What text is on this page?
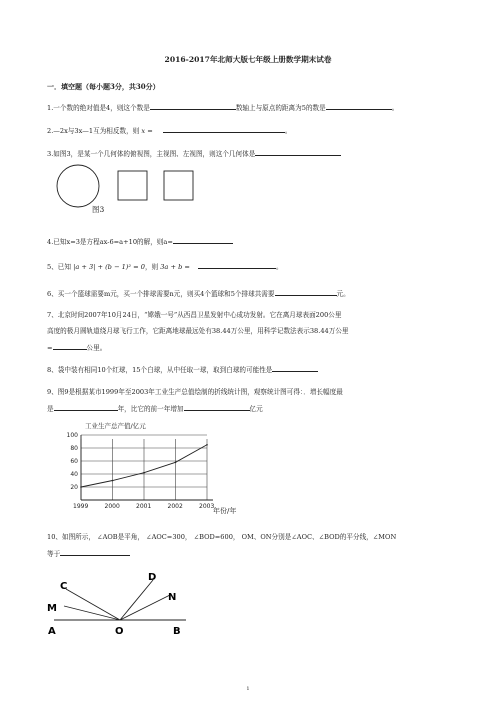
2016-2017年北师大版七年级上册数学期末试卷
一．填空题（每小题3分，共30分）
1.一个数的绝对值是4，则这个数是	数轴上与原点的距离为5的数是	。
2.—2x与3x—1互为相反数，则 x =	。
3.如图3，是某一个几何体的俯视图，主视图、左视图，则这个几何体是
图3
4.已知x=3是方程ax-6=a+10的解，则a=
5、已知 |a + 3| + (b − 1)² = 0，则 3a + b =	。
6、买一个篮球需要m元，买一个排球需要n元，则买4个篮球和5个排球共需要	元。
7、北京时间2007年10月24日，“嫦娥一号”从西昌卫星发射中心成功发射。它在离月球表面200公里
高度的极月圆轨道绕月球飞行工作，它距离地球最远处有38.44万公里，用科学记数法表示38.44万公里
=	公里。
8、袋中装有相同10个红球，15个白球，从中任取一球，取到白球的可能性是
9、图9是根据某市1999年至2003年工业生产总值绘制的折线统计图，观察统计图可得：．增长幅度最
是	年，比它的前一年增加	亿元
工业生产总产值/亿元
1999	2000	2001	2002	2003
20
40
60
80
100
年份/年
10、如图所示， ∠AOB是平角， ∠AOC=300， ∠BOD=600， OM、ON分别是∠AOC、∠BOD的平分线，∠MON
等于
A	O	B
C
D
M
N
1
